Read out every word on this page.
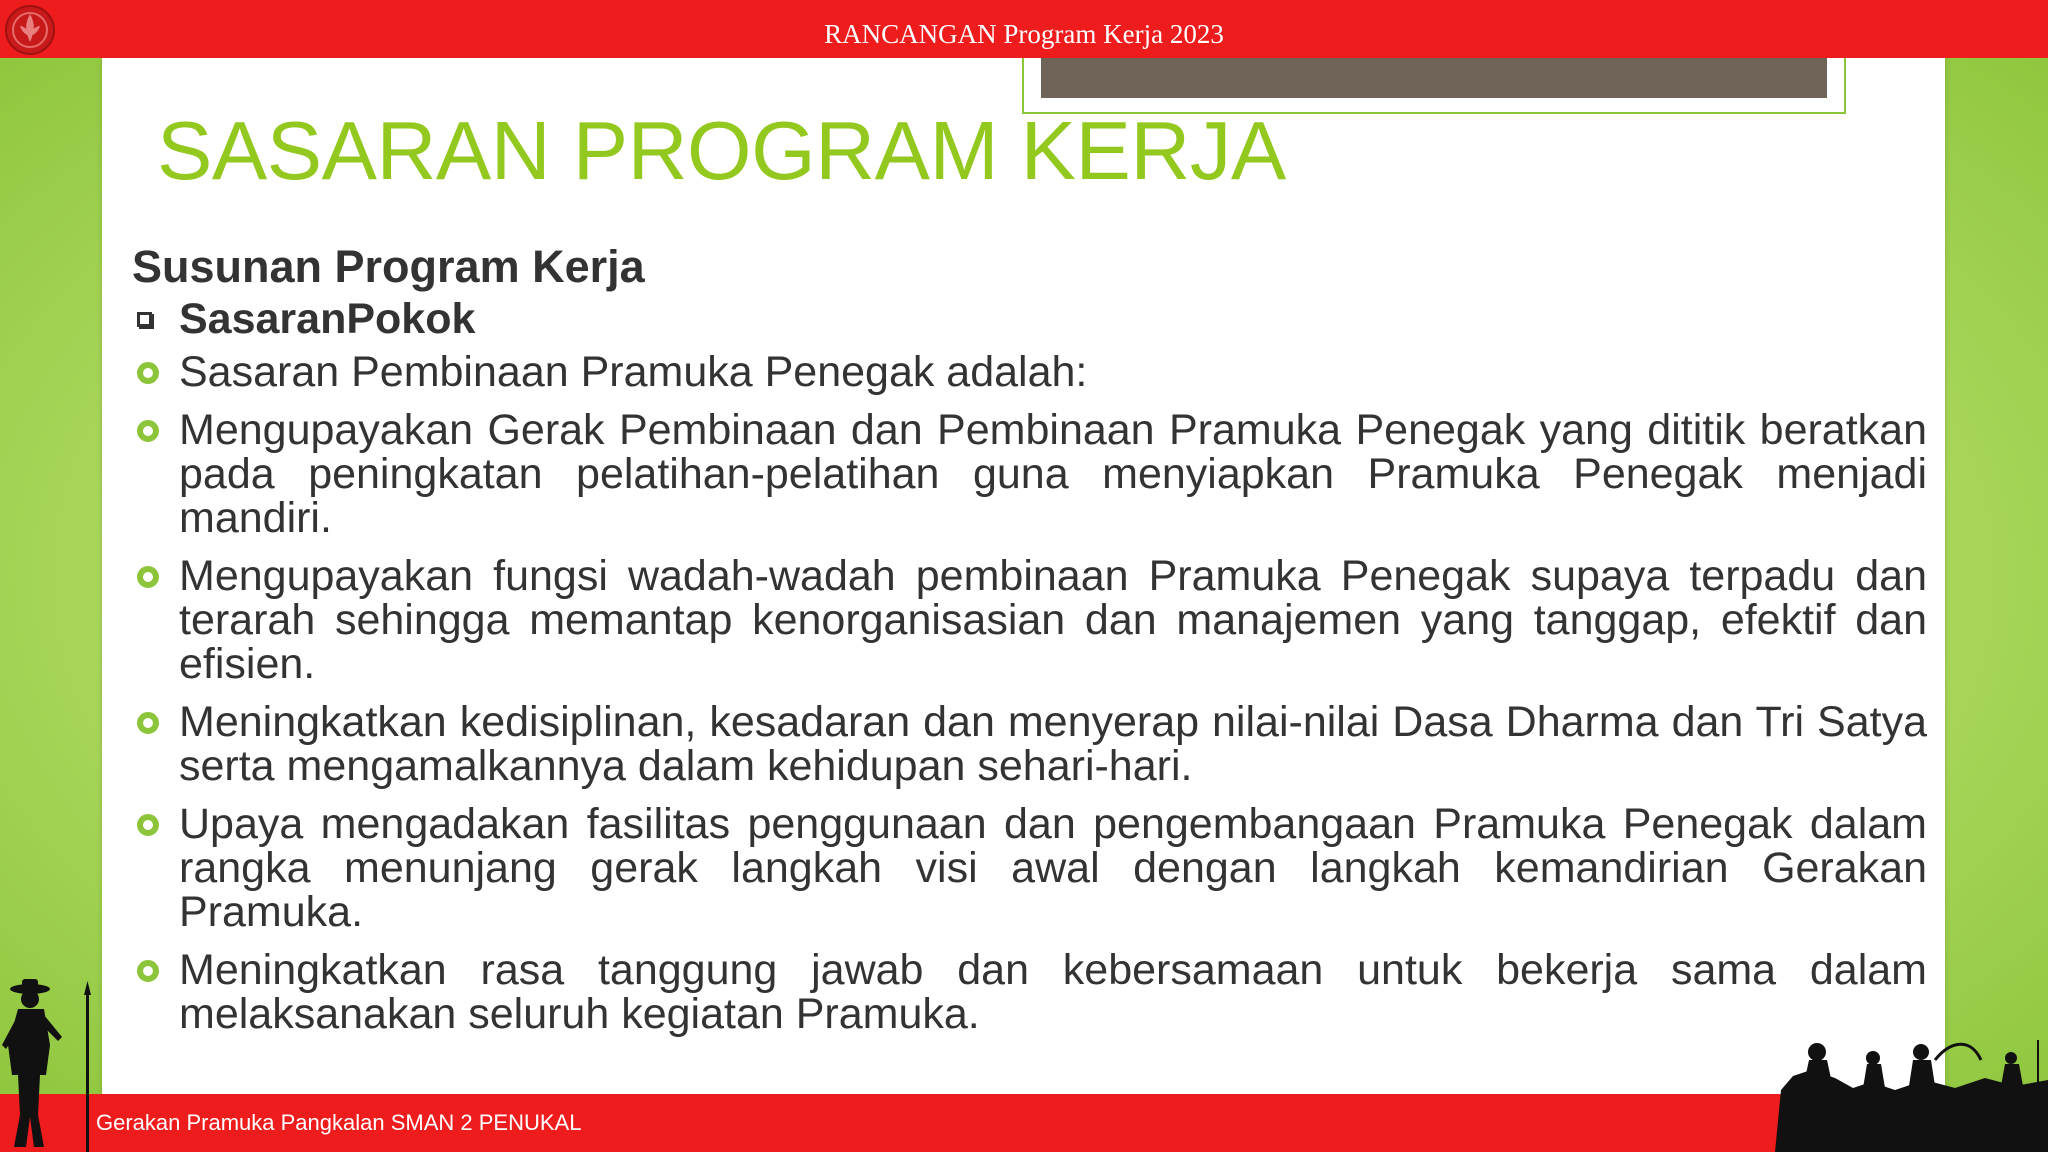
RANCANGAN Program Kerja 2023
SASARAN PROGRAM KERJA

Susunan Program Kerja

SasaranPokok
Sasaran Pembinaan Pramuka Penegak adalah:
Mengupayakan Gerak Pembinaan dan Pembinaan Pramuka Penegak yang dititik beratkan pada peningkatan pelatihan-pelatihan guna menyiapkan Pramuka Penegak menjadi mandiri.
Mengupayakan fungsi wadah-wadah pembinaan Pramuka Penegak supaya terpadu dan terarah sehingga memantap kenorganisasian dan manajemen yang tanggap, efektif dan efisien.
Meningkatkan kedisiplinan, kesadaran dan menyerap nilai-nilai Dasa Dharma dan Tri Satya serta mengamalkannya dalam kehidupan sehari-hari.
Upaya mengadakan fasilitas penggunaan dan pengembangaan Pramuka Penegak dalam rangka menunjang gerak langkah visi awal dengan langkah kemandirian Gerakan Pramuka.
Meningkatkan rasa tanggung jawab dan kebersamaan untuk bekerja sama dalam melaksanakan seluruh kegiatan Pramuka.
Gerakan Pramuka Pangkalan SMAN 2 PENUKAL
